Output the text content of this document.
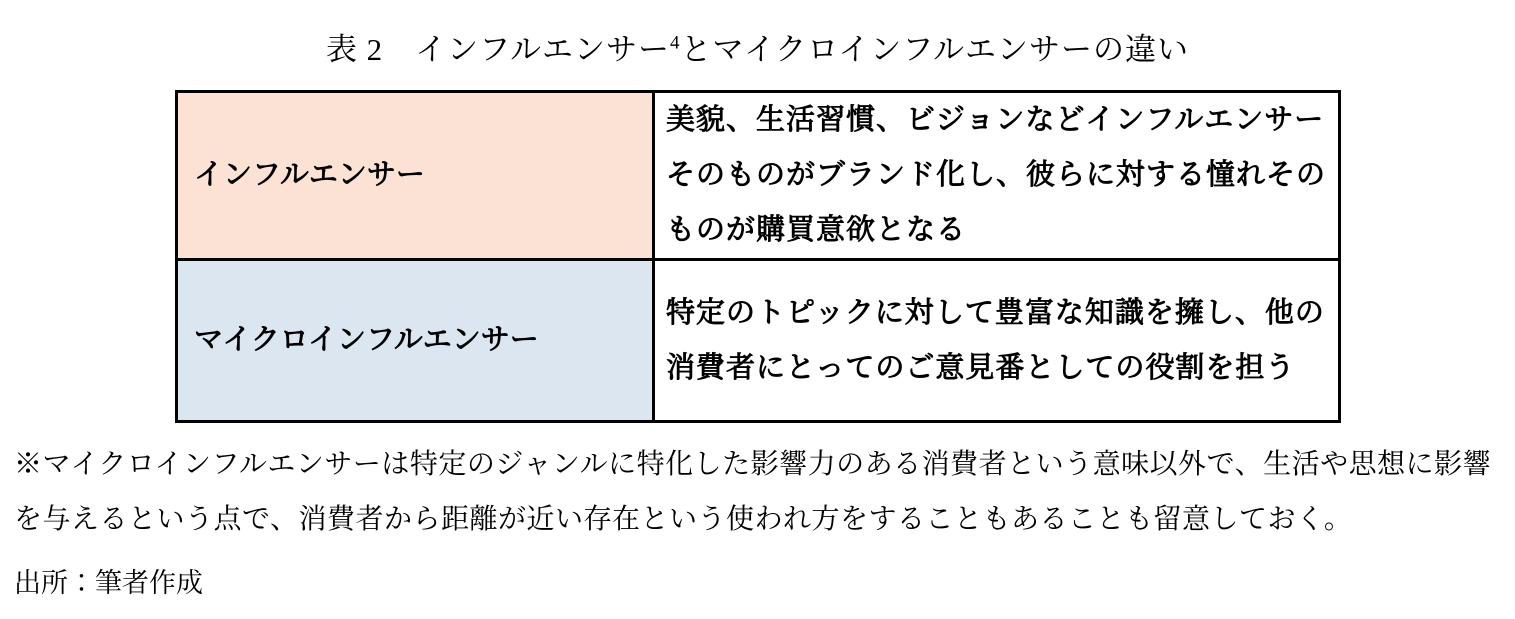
表 2　インフルエンサー$^4$とマイクロインフルエンサーの違い
インフルエンサー	美貌、生活習慣、ビジョンなどインフルエンサーそのものがブランド化し、彼らに対する憧れそのものが購買意欲となる
マイクロインフルエンサー	特定のトピックに対して豊富な知識を擁し、他の消費者にとってのご意見番としての役割を担う

※マイクロインフルエンサーは特定のジャンルに特化した影響力のある消費者という意味以外で、生活や思想に影響を与えるという点で、消費者から距離が近い存在という使われ方をすることもあることも留意しておく。

出所：筆者作成
